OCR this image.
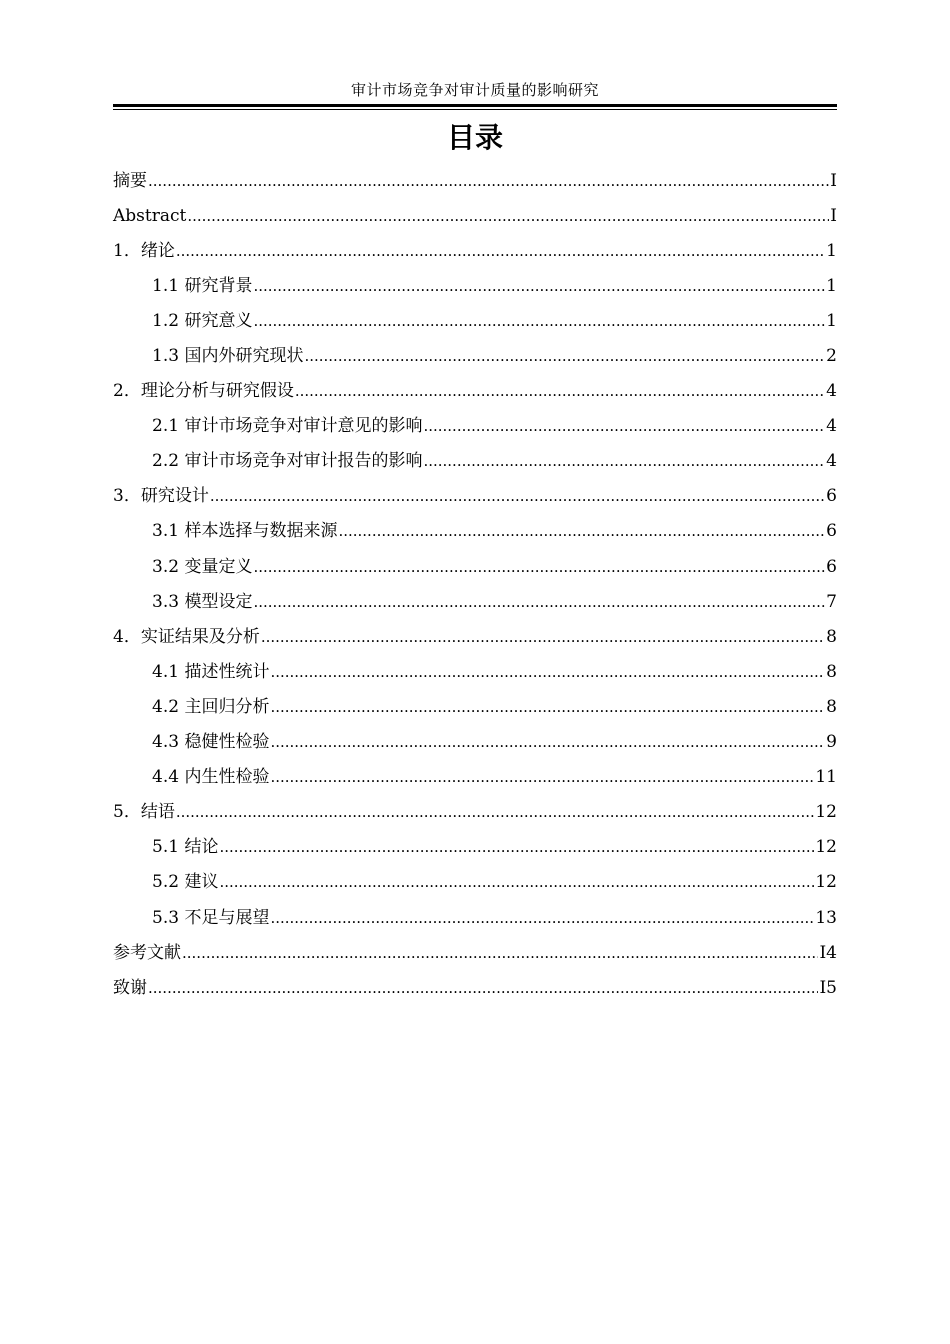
审计市场竞争对审计质量的影响研究
目录
摘要 .....	I
Abstract .....	I
1．绪论 .....	1
1.1 研究背景 .....	1
1.2 研究意义 .....	1
1.3 国内外研究现状 .....	2
2．理论分析与研究假设 .....	4
2.1 审计市场竞争对审计意见的影响 .....	4
2.2 审计市场竞争对审计报告的影响 .....	4
3．研究设计 .....	6
3.1 样本选择与数据来源 .....	6
3.2 变量定义 .....	6
3.3 模型设定 .....	7
4．实证结果及分析 .....	8
4.1 描述性统计 .....	8
4.2 主回归分析 .....	8
4.3 稳健性检验 .....	9
4.4 内生性检验 .....	11
5．结语 .....	12
5.1 结论 .....	12
5.2 建议 .....	12
5.3 不足与展望 .....	13
参考文献 .....	I4
致谢 .....	I5
